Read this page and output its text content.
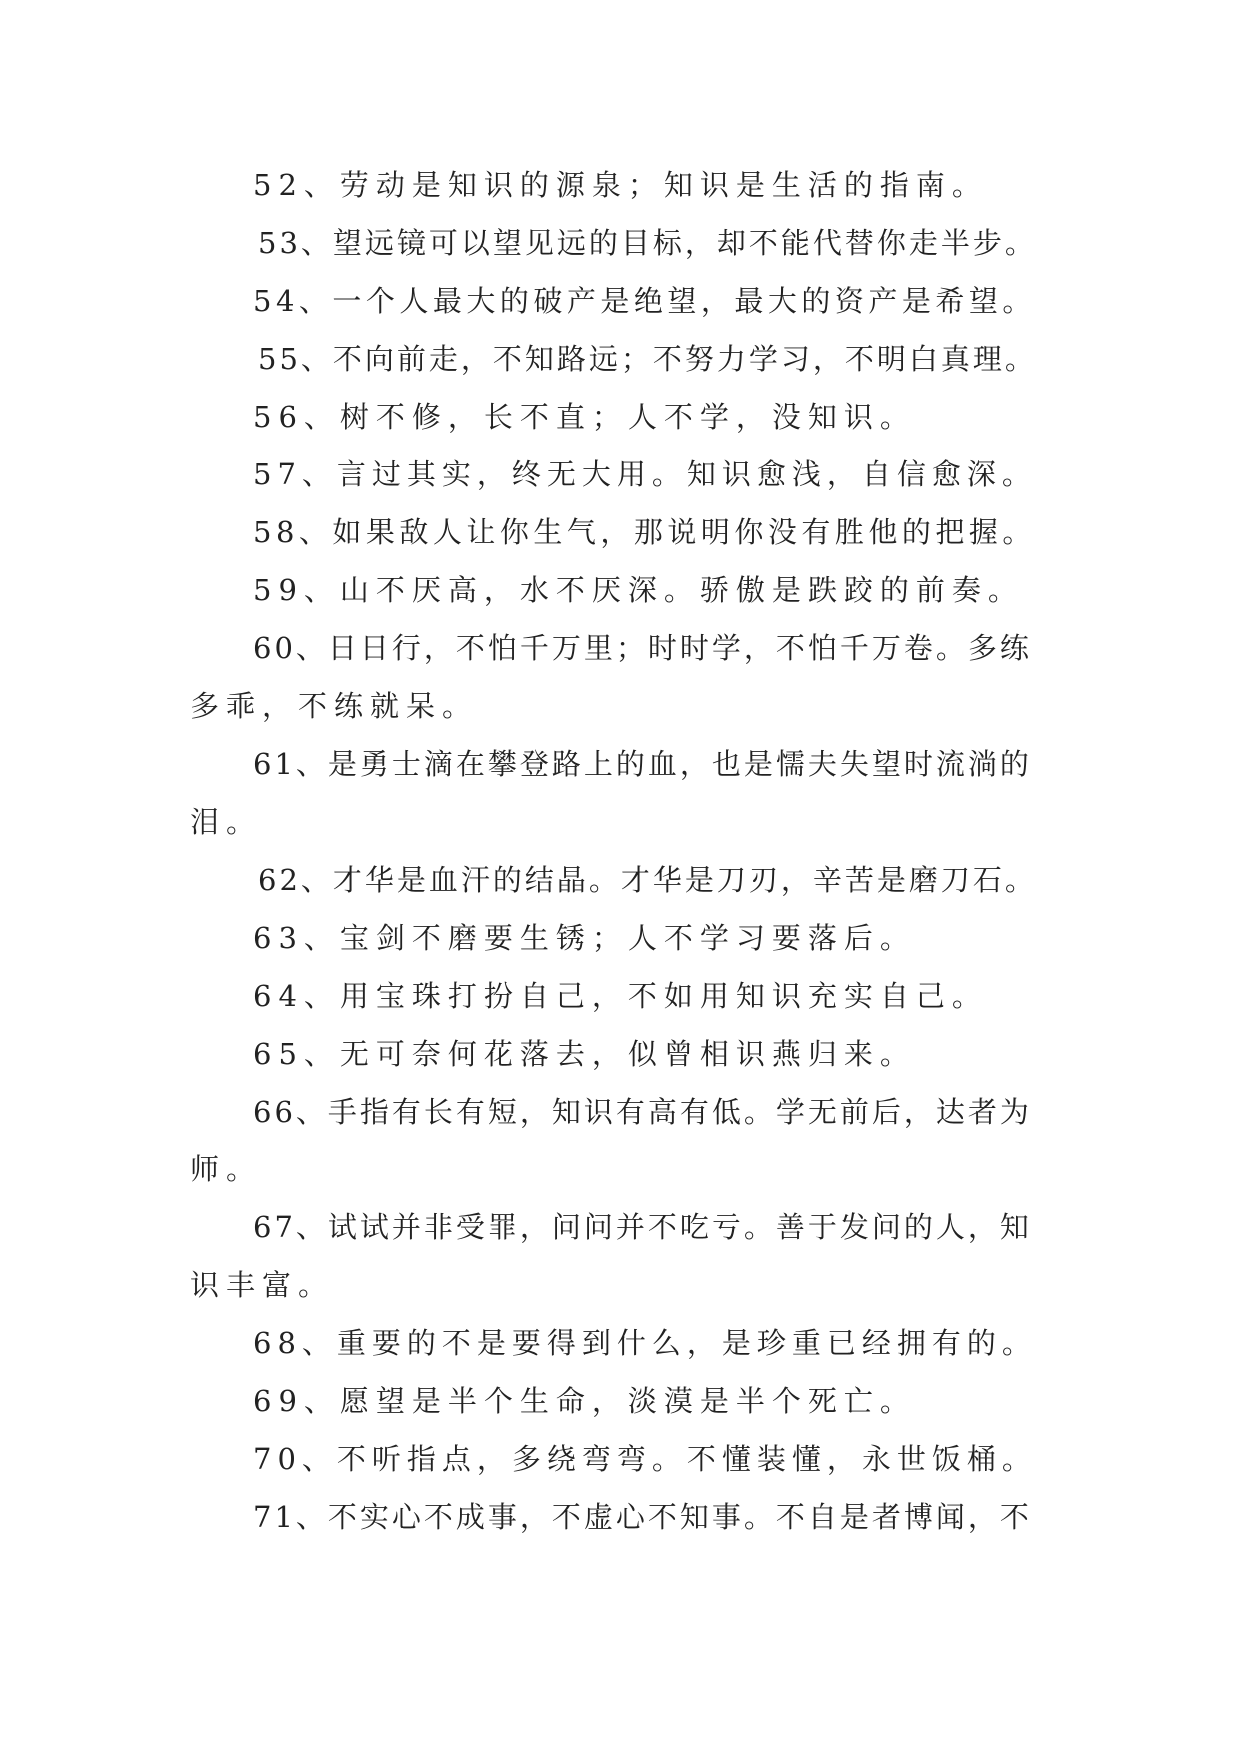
52、劳动是知识的源泉；知识是生活的指南。
53、望远镜可以望见远的目标，却不能代替你走半步。
54、一个人最大的破产是绝望，最大的资产是希望。
55、不向前走，不知路远；不努力学习，不明白真理。
56、树不修，长不直；人不学，没知识。
57、言过其实，终无大用。知识愈浅，自信愈深。
58、如果敌人让你生气，那说明你没有胜他的把握。
59、山不厌高，水不厌深。骄傲是跌跤的前奏。
60、日日行，不怕千万里；时时学，不怕千万卷。多练
多乖，不练就呆。
61、是勇士滴在攀登路上的血，也是懦夫失望时流淌的
泪。
62、才华是血汗的结晶。才华是刀刃，辛苦是磨刀石。
63、宝剑不磨要生锈；人不学习要落后。
64、用宝珠打扮自己，不如用知识充实自己。
65、无可奈何花落去，似曾相识燕归来。
66、手指有长有短，知识有高有低。学无前后，达者为
师。
67、试试并非受罪，问问并不吃亏。善于发问的人，知
识丰富。
68、重要的不是要得到什么，是珍重已经拥有的。
69、愿望是半个生命，淡漠是半个死亡。
70、不听指点，多绕弯弯。不懂装懂，永世饭桶。
71、不实心不成事，不虚心不知事。不自是者博闻，不
